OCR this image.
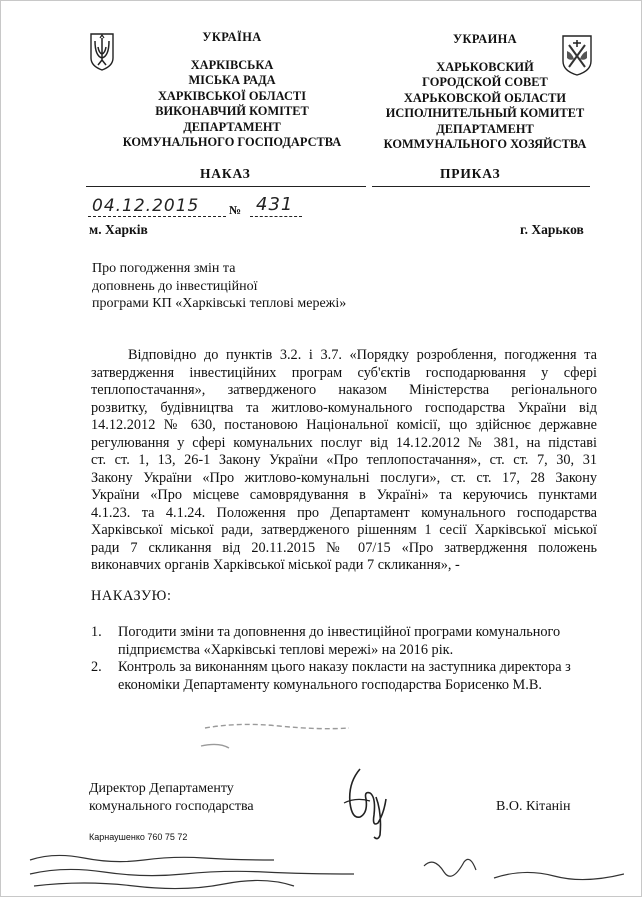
УКРАЇНА
ХАРКІВСЬКА
МІСЬКА РАДА
ХАРКІВСЬКОЇ ОБЛАСТІ
ВИКОНАВЧИЙ КОМІТЕТ
ДЕПАРТАМЕНТ
КОМУНАЛЬНОГО ГОСПОДАРСТВА
УКРАИНА
ХАРЬКОВСКИЙ
ГОРОДСКОЙ СОВЕТ
ХАРЬКОВСКОЙ ОБЛАСТИ
ИСПОЛНИТЕЛЬНЫЙ КОМИТЕТ
ДЕПАРТАМЕНТ
КОММУНАЛЬНОГО ХОЗЯЙСТВА
НАКАЗ	ПРИКАЗ
04.12.2015 № 431
м. Харків	г. Харьков
Про погодження змін та
доповнень до інвестиційної
програми КП «Харківські теплові мережі»
Відповідно до пунктів 3.2. і 3.7. «Порядку розроблення, погодження та
затвердження інвестиційних програм суб'єктів господарювання у сфері
теплопостачання», затвердженого наказом Міністерства регіонального
розвитку, будівництва та житлово-комунального господарства України від
14.12.2012 № 630, постановою Національної комісії, що здійснює державне
регулювання у сфері комунальних послуг від 14.12.2012 № 381, на підставі
ст. ст. 1, 13, 26-1 Закону України «Про теплопостачання», ст. ст. 7, 30, 31
Закону України «Про житлово-комунальні послуги», ст. ст. 17, 28 Закону
України «Про місцеве самоврядування в Україні» та керуючись пунктами
4.1.23. та 4.1.24. Положення про Департамент комунального господарства
Харківської міської ради, затвердженого рішенням 1 сесії Харківської міської
ради 7 скликання від 20.11.2015 № 07/15 «Про затвердження положень
виконавчих органів Харківської міської ради 7 скликання», -
НАКАЗУЮ:
1. Погодити зміни та доповнення до інвестиційної програми комунального
підприємства «Харківські теплові мережі» на 2016 рік.
2. Контроль за виконанням цього наказу покласти на заступника директора з
економіки Департаменту комунального господарства Борисенко М.В.
Директор Департаменту
комунального господарства	В.О. Кітанін
Карнаушенко 760 75 72
